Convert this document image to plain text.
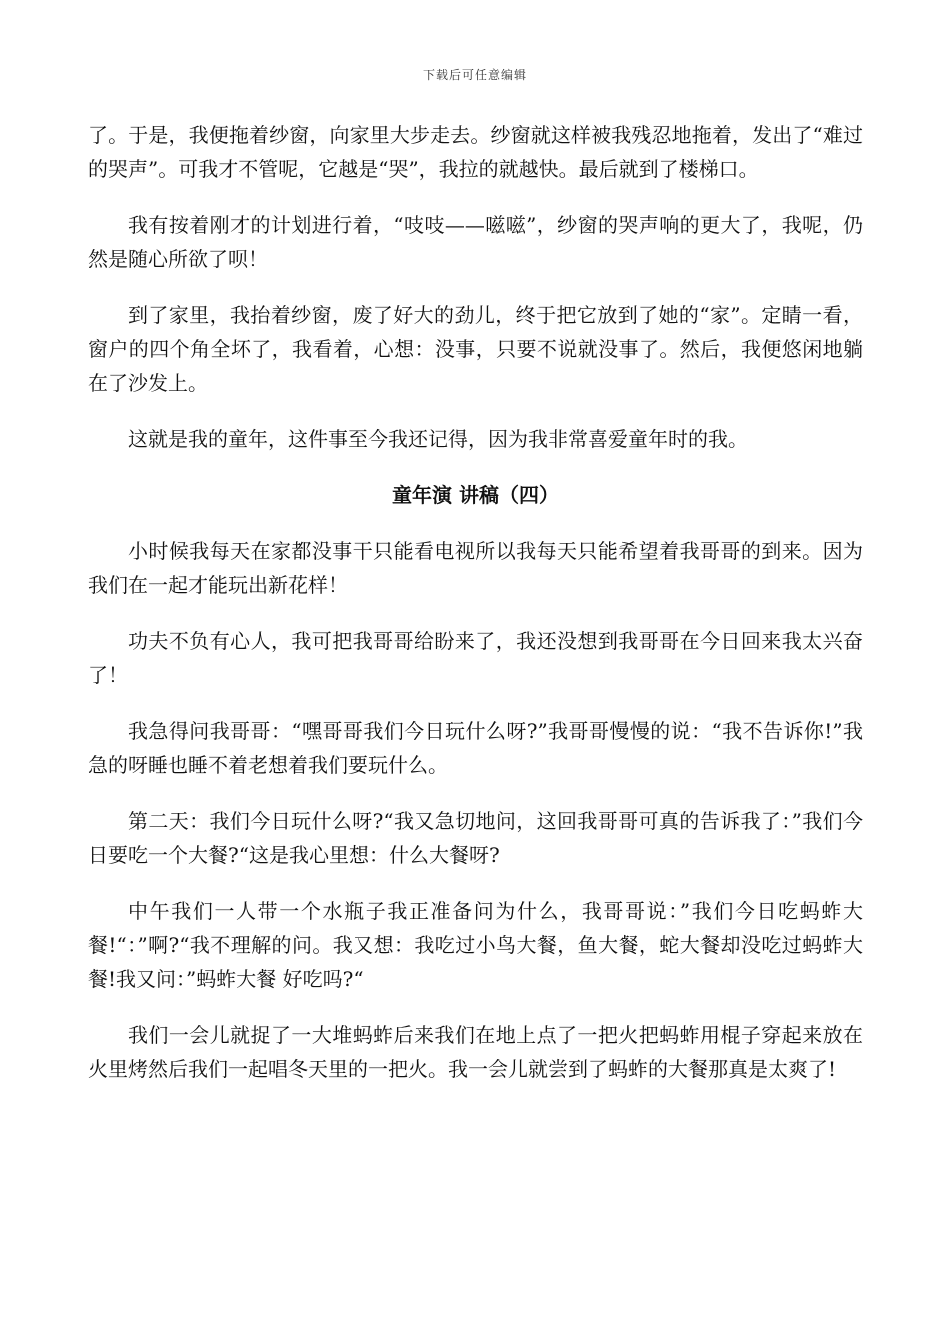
下载后可任意编辑

了。于是，我便拖着纱窗，向家里大步走去。纱窗就这样被我残忍地拖着，发出了“难过的哭声”。可我才不管呢，它越是“哭”，我拉的就越快。最后就到了楼梯口。

我有按着刚才的计划进行着，“吱吱——嗞嗞”，纱窗的哭声响的更大了，我呢，仍然是随心所欲了呗！

到了家里，我抬着纱窗，废了好大的劲儿，终于把它放到了她的“家”。定睛一看，窗户的四个角全坏了，我看着，心想：没事，只要不说就没事了。然后，我便悠闲地躺在了沙发上。

这就是我的童年，这件事至今我还记得，因为我非常喜爱童年时的我。

童年演 讲稿（四）

小时候我每天在家都没事干只能看电视所以我每天只能希望着我哥哥的到来。因为我们在一起才能玩出新花样！

功夫不负有心人，我可把我哥哥给盼来了，我还没想到我哥哥在今日回来我太兴奋了！

我急得问我哥哥：“嘿哥哥我们今日玩什么呀?”我哥哥慢慢的说：“我不告诉你!”我急的呀睡也睡不着老想着我们要玩什么。

第二天：我们今日玩什么呀?“我又急切地问，这回我哥哥可真的告诉我了：”我们今日要吃一个大餐?“这是我心里想：什么大餐呀?

中午我们一人带一个水瓶子我正准备问为什么，我哥哥说：”我们今日吃蚂蚱大餐!“：”啊?“我不理解的问。我又想：我吃过小鸟大餐，鱼大餐，蛇大餐却没吃过蚂蚱大餐!我又问：”蚂蚱大餐 好吃吗?“

我们一会儿就捉了一大堆蚂蚱后来我们在地上点了一把火把蚂蚱用棍子穿起来放在火里烤然后我们一起唱冬天里的一把火。我一会儿就尝到了蚂蚱的大餐那真是太爽了!
